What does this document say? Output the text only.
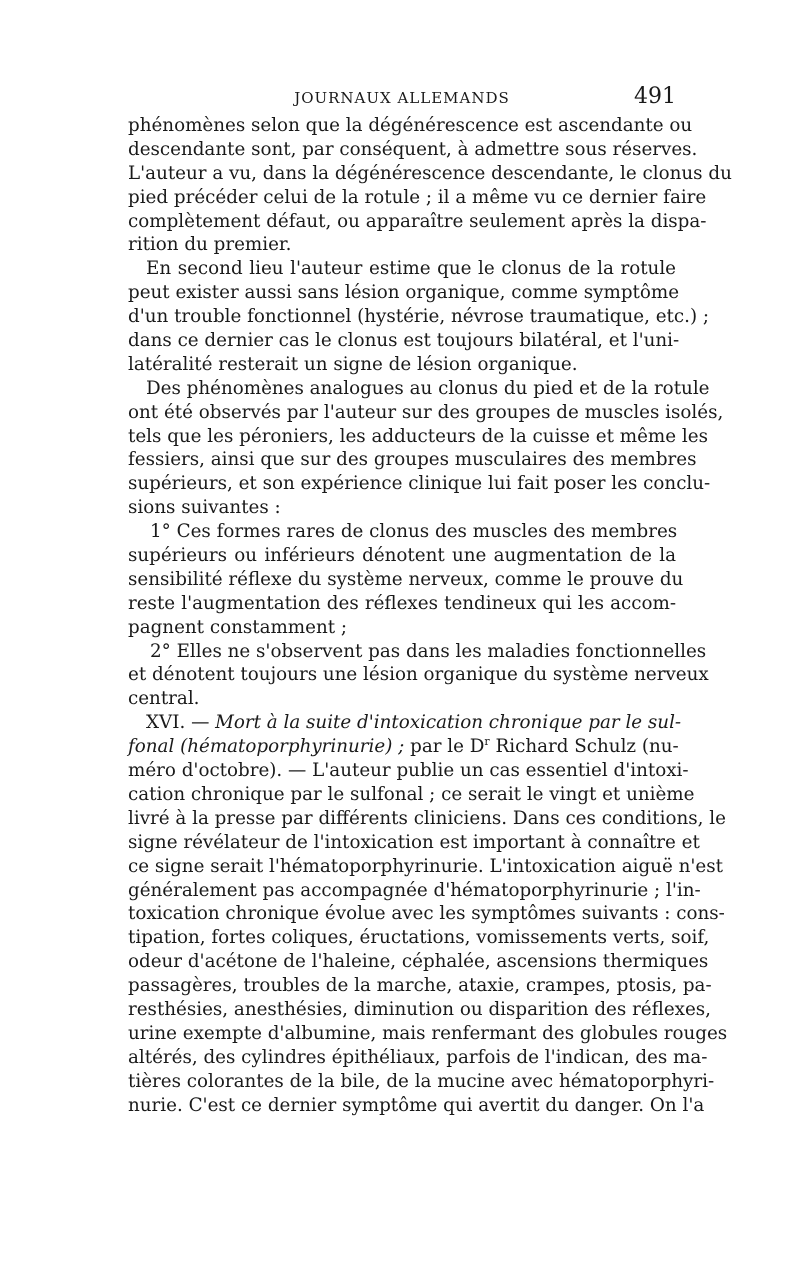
JOURNAUX ALLEMANDS	491
phénomènes selon que la dégénérescence est ascendante ou
descendante sont, par conséquent, à admettre sous réserves.
L'auteur a vu, dans la dégénérescence descendante, le clonus du
pied précéder celui de la rotule ; il a même vu ce dernier faire
complètement défaut, ou apparaître seulement après la dispa-
rition du premier.
En second lieu l'auteur estime que le clonus de la rotule
peut exister aussi sans lésion organique, comme symptôme
d'un trouble fonctionnel (hystérie, névrose traumatique, etc.) ;
dans ce dernier cas le clonus est toujours bilatéral, et l'uni-
latéralité resterait un signe de lésion organique.
Des phénomènes analogues au clonus du pied et de la rotule
ont été observés par l'auteur sur des groupes de muscles isolés,
tels que les péroniers, les adducteurs de la cuisse et même les
fessiers, ainsi que sur des groupes musculaires des membres
supérieurs, et son expérience clinique lui fait poser les conclu-
sions suivantes :
1° Ces formes rares de clonus des muscles des membres
supérieurs ou inférieurs dénotent une augmentation de la
sensibilité réflexe du système nerveux, comme le prouve du
reste l'augmentation des réflexes tendineux qui les accom-
pagnent constamment ;
2° Elles ne s'observent pas dans les maladies fonctionnelles
et dénotent toujours une lésion organique du système nerveux
central.
XVI. — Mort à la suite d'intoxication chronique par le sul-
fonal (hématoporphyrinurie) ; par le $D^r$ Richard Schulz (nu-
méro d'octobre). — L'auteur publie un cas essentiel d'intoxi-
cation chronique par le sulfonal ; ce serait le vingt et unième
livré à la presse par différents cliniciens. Dans ces conditions, le
signe révélateur de l'intoxication est important à connaître et
ce signe serait l'hématoporphyrinurie. L'intoxication aiguë n'est
généralement pas accompagnée d'hématoporphyrinurie ; l'in-
toxication chronique évolue avec les symptômes suivants : cons-
tipation, fortes coliques, éructations, vomissements verts, soif,
odeur d'acétone de l'haleine, céphalée, ascensions thermiques
passagères, troubles de la marche, ataxie, crampes, ptosis, pa-
resthésies, anesthésies, diminution ou disparition des réflexes,
urine exempte d'albumine, mais renfermant des globules rouges
altérés, des cylindres épithéliaux, parfois de l'indican, des ma-
tières colorantes de la bile, de la mucine avec hématoporphyri-
nurie. C'est ce dernier symptôme qui avertit du danger. On l'a
